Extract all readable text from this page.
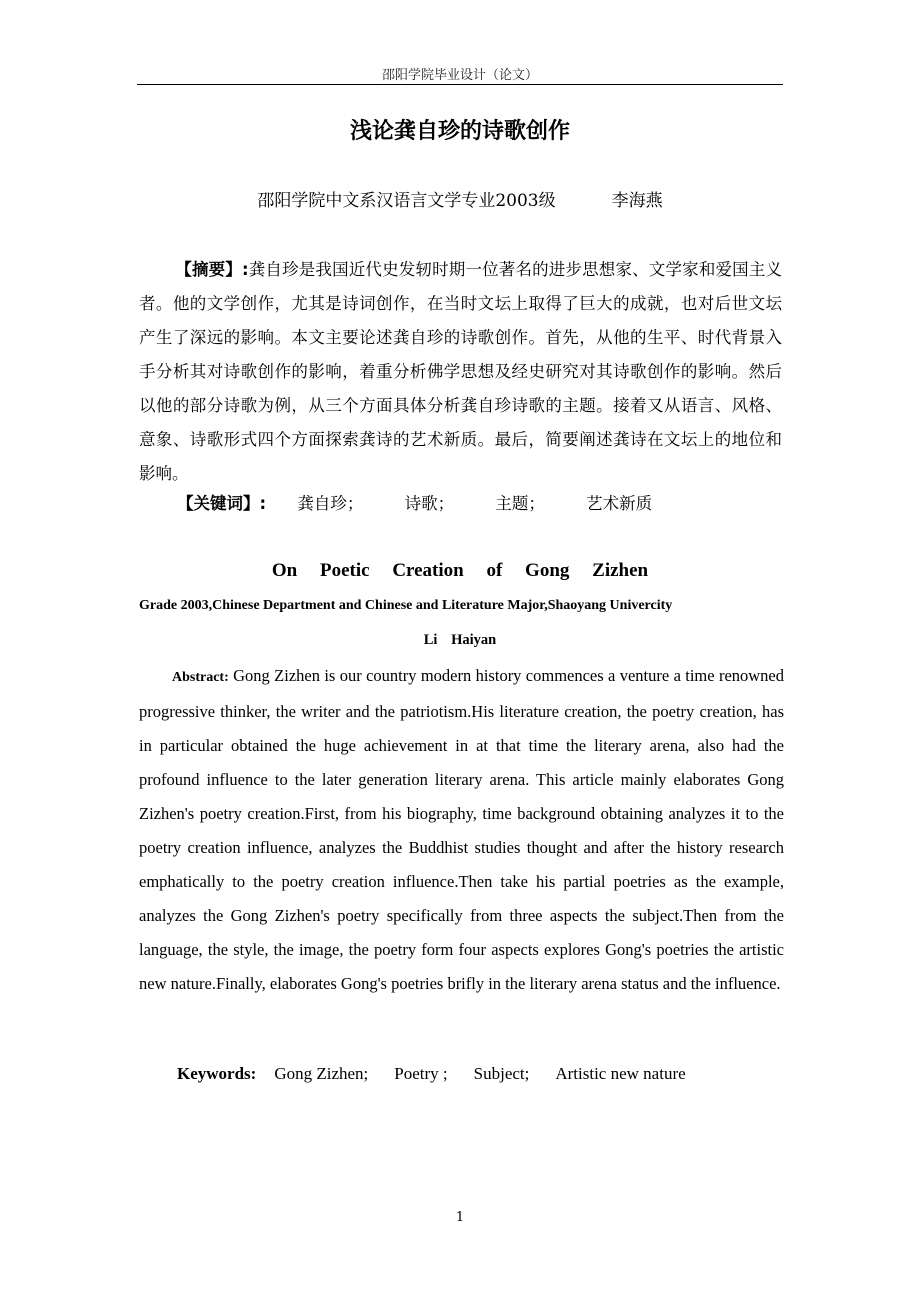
邵阳学院毕业设计（论文）
浅论龚自珍的诗歌创作
邵阳学院中文系汉语言文学专业2003级	李海燕
【摘要】:龚自珍是我国近代史发轫时期一位著名的进步思想家、文学家和爱国主义者。他的文学创作，尤其是诗词创作，在当时文坛上取得了巨大的成就，也对后世文坛产生了深远的影响。本文主要论述龚自珍的诗歌创作。首先，从他的生平、时代背景入手分析其对诗歌创作的影响，着重分析佛学思想及经史研究对其诗歌创作的影响。然后以他的部分诗歌为例，从三个方面具体分析龚自珍诗歌的主题。接着又从语言、风格、意象、诗歌形式四个方面探索龚诗的艺术新质。最后，简要阐述龚诗在文坛上的地位和影响。
【关键词】: 龚自珍；	诗歌；	主题；	艺术新质
On Poetic Creation of Gong Zizhen
Grade 2003,Chinese Department and Chinese and Literature Major,Shaoyang Univercity
Li Haiyan
Abstract: Gong Zizhen is our country modern history commences a venture a time renowned progressive thinker, the writer and the patriotism.His literature creation, the poetry creation, has in particular obtained the huge achievement in at that time the literary arena, also had the profound influence to the later generation literary arena. This article mainly elaborates Gong Zizhen's poetry creation.First, from his biography, time background obtaining analyzes it to the poetry creation influence, analyzes the Buddhist studies thought and after the history research emphatically to the poetry creation influence.Then take his partial poetries as the example, analyzes the Gong Zizhen's poetry specifically from three aspects the subject.Then from the language, the style, the image, the poetry form four aspects explores Gong's poetries the artistic new nature.Finally, elaborates Gong's poetries brifly in the literary arena status and the influence.
Keywords: Gong Zizhen; Poetry ; Subject; Artistic new nature
1
